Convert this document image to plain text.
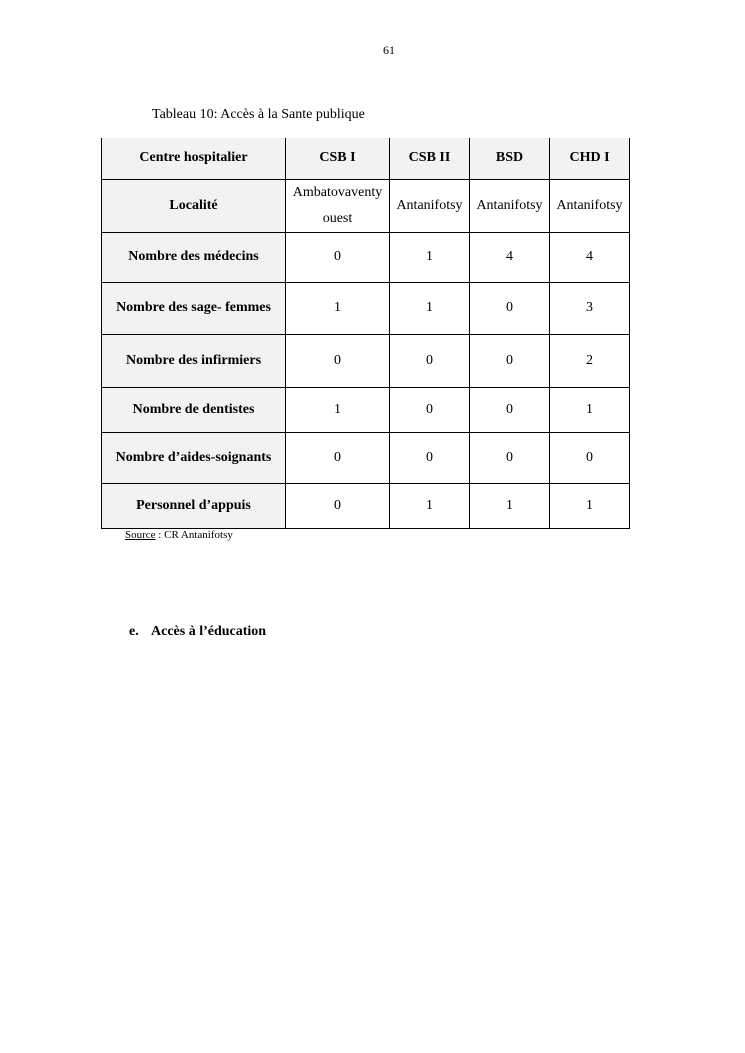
61
Tableau 10: Accès à la Sante publique
Centre hospitalier	CSB I	CSB II	BSD	CHD I
Localité	Ambatovaventy ouest	Antanifotsy	Antanifotsy	Antanifotsy
Nombre des médecins	0	1	4	4
Nombre des sage- femmes	1	1	0	3
Nombre des infirmiers	0	0	0	2
Nombre de dentistes	1	0	0	1
Nombre d’aides-soignants	0	0	0	0
Personnel d’appuis	0	1	1	1
Source : CR Antanifotsy
e. Accès à l’éducation
